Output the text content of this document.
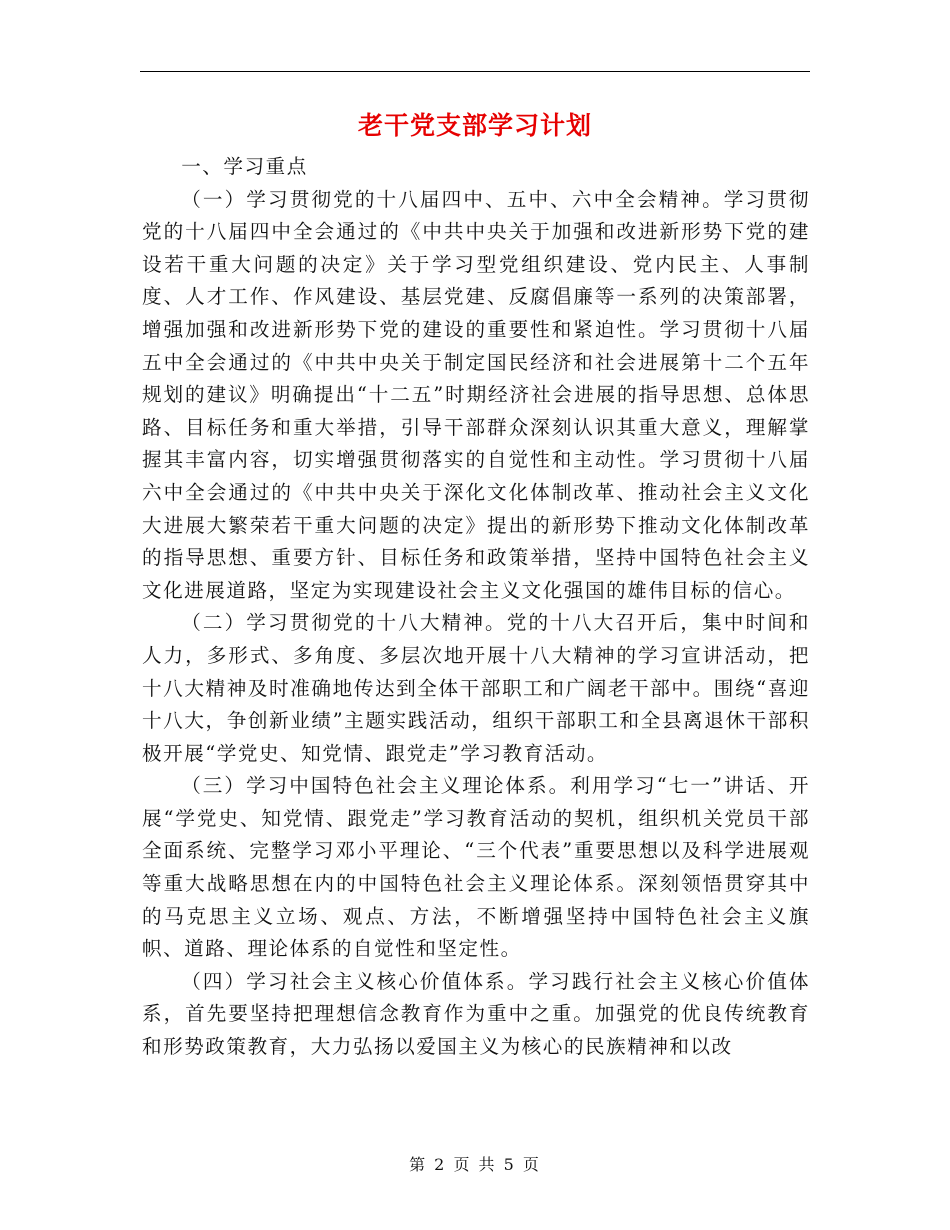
老干党支部学习计划

一、学习重点

（一）学习贯彻党的十八届四中、五中、六中全会精神。学习贯彻党的十八届四中全会通过的《中共中央关于加强和改进新形势下党的建设若干重大问题的决定》关于学习型党组织建设、党内民主、人事制度、人才工作、作风建设、基层党建、反腐倡廉等一系列的决策部署，增强加强和改进新形势下党的建设的重要性和紧迫性。学习贯彻十八届五中全会通过的《中共中央关于制定国民经济和社会进展第十二个五年规划的建议》明确提出“十二五”时期经济社会进展的指导思想、总体思路、目标任务和重大举措，引导干部群众深刻认识其重大意义，理解掌握其丰富内容，切实增强贯彻落实的自觉性和主动性。学习贯彻十八届六中全会通过的《中共中央关于深化文化体制改革、推动社会主义文化大进展大繁荣若干重大问题的决定》提出的新形势下推动文化体制改革的指导思想、重要方针、目标任务和政策举措，坚持中国特色社会主义文化进展道路，坚定为实现建设社会主义文化强国的雄伟目标的信心。

（二）学习贯彻党的十八大精神。党的十八大召开后，集中时间和人力，多形式、多角度、多层次地开展十八大精神的学习宣讲活动，把十八大精神及时准确地传达到全体干部职工和广阔老干部中。围绕“喜迎十八大，争创新业绩”主题实践活动，组织干部职工和全县离退休干部积极开展“学党史、知党情、跟党走”学习教育活动。

（三）学习中国特色社会主义理论体系。利用学习“七一”讲话、开展“学党史、知党情、跟党走”学习教育活动的契机，组织机关党员干部全面系统、完整学习邓小平理论、“三个代表”重要思想以及科学进展观等重大战略思想在内的中国特色社会主义理论体系。深刻领悟贯穿其中的马克思主义立场、观点、方法，不断增强坚持中国特色社会主义旗帜、道路、理论体系的自觉性和坚定性。

（四）学习社会主义核心价值体系。学习践行社会主义核心价值体系，首先要坚持把理想信念教育作为重中之重。加强党的优良传统教育和形势政策教育，大力弘扬以爱国主义为核心的民族精神和以改

第 2 页 共 5 页
